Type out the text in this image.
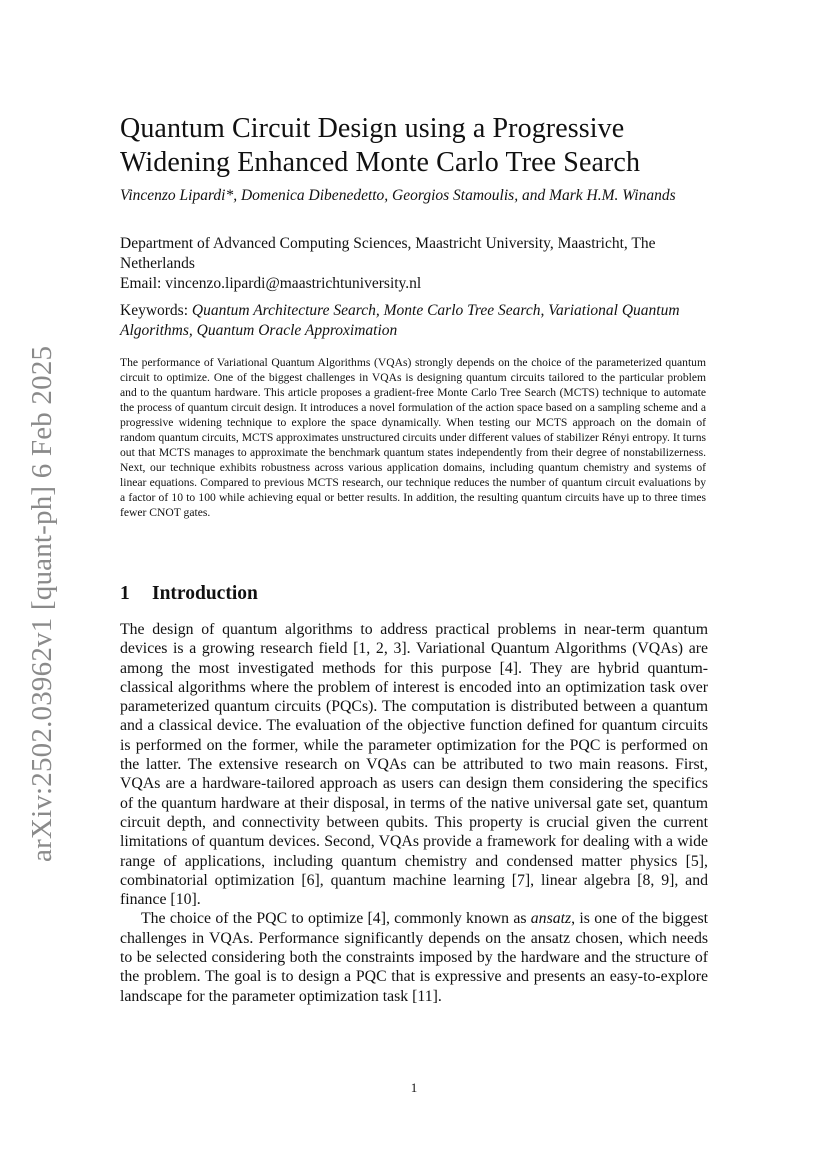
arXiv:2502.03962v1 [quant-ph] 6 Feb 2025
Quantum Circuit Design using a Progressive Widening Enhanced Monte Carlo Tree Search

Vincenzo Lipardi*, Domenica Dibenedetto, Georgios Stamoulis, and Mark H.M. Winands

Department of Advanced Computing Sciences, Maastricht University, Maastricht, The Netherlands
Email: vincenzo.lipardi@maastrichtuniversity.nl

Keywords: Quantum Architecture Search, Monte Carlo Tree Search, Variational Quantum Algorithms, Quantum Oracle Approximation

The performance of Variational Quantum Algorithms (VQAs) strongly depends on the choice of the parameterized quantum circuit to optimize. One of the biggest challenges in VQAs is designing quantum circuits tailored to the particular problem and to the quantum hardware. This article proposes a gradient-free Monte Carlo Tree Search (MCTS) technique to automate the process of quantum circuit design. It introduces a novel formulation of the action space based on a sampling scheme and a progressive widening technique to explore the space dynamically. When testing our MCTS approach on the domain of random quantum circuits, MCTS approximates unstructured circuits under different values of stabilizer Rényi entropy. It turns out that MCTS manages to approximate the benchmark quantum states independently from their degree of nonstabilizerness. Next, our technique exhibits robustness across various application domains, including quantum chemistry and systems of linear equations. Compared to previous MCTS research, our technique reduces the number of quantum circuit evaluations by a factor of 10 to 100 while achieving equal or better results. In addition, the resulting quantum circuits have up to three times fewer CNOT gates.

1 Introduction

The design of quantum algorithms to address practical problems in near-term quantum devices is a growing research field [1, 2, 3]. Variational Quantum Algorithms (VQAs) are among the most investigated methods for this purpose [4]. They are hybrid quantum-classical algorithms where the problem of interest is encoded into an optimization task over parameterized quantum circuits (PQCs). The computation is distributed between a quantum and a classical device. The evaluation of the objective function defined for quantum circuits is performed on the former, while the parameter optimization for the PQC is performed on the latter. The extensive research on VQAs can be attributed to two main reasons. First, VQAs are a hardware-tailored approach as users can design them considering the specifics of the quantum hardware at their disposal, in terms of the native universal gate set, quantum circuit depth, and connectivity between qubits. This property is crucial given the current limitations of quantum devices. Second, VQAs provide a framework for dealing with a wide range of applications, including quantum chemistry and condensed matter physics [5], combinatorial optimization [6], quantum machine learning [7], linear algebra [8, 9], and finance [10].

The choice of the PQC to optimize [4], commonly known as ansatz, is one of the biggest challenges in VQAs. Performance significantly depends on the ansatz chosen, which needs to be selected considering both the constraints imposed by the hardware and the structure of the problem. The goal is to design a PQC that is expressive and presents an easy-to-explore landscape for the parameter optimization task [11].

1
